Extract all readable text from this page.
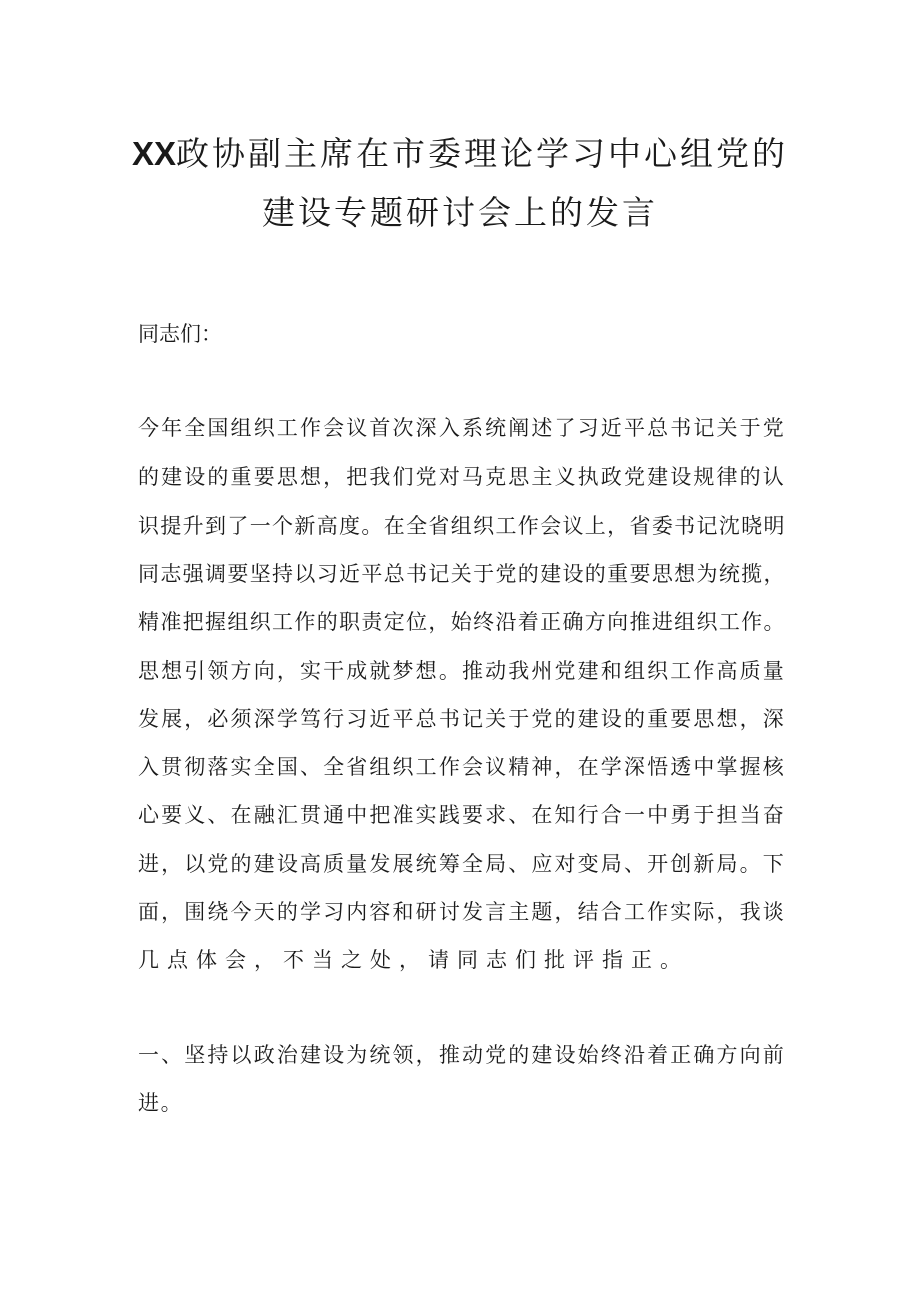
XX政协副主席在市委理论学习中心组党的
建设专题研讨会上的发言
同志们：
今年全国组织工作会议首次深入系统阐述了习近平总书记关于党
的建设的重要思想，把我们党对马克思主义执政党建设规律的认
识提升到了一个新高度。在全省组织工作会议上，省委书记沈晓明
同志强调要坚持以习近平总书记关于党的建设的重要思想为统揽，
精准把握组织工作的职责定位，始终沿着正确方向推进组织工作。
思想引领方向，实干成就梦想。推动我州党建和组织工作高质量
发展，必须深学笃行习近平总书记关于党的建设的重要思想，深
入贯彻落实全国、全省组织工作会议精神，在学深悟透中掌握核
心要义、在融汇贯通中把准实践要求、在知行合一中勇于担当奋
进，以党的建设高质量发展统筹全局、应对变局、开创新局。下
面，围绕今天的学习内容和研讨发言主题，结合工作实际，我谈
几点体会，不当之处，请同志们批评指正。
一、坚持以政治建设为统领，推动党的建设始终沿着正确方向前
进。
